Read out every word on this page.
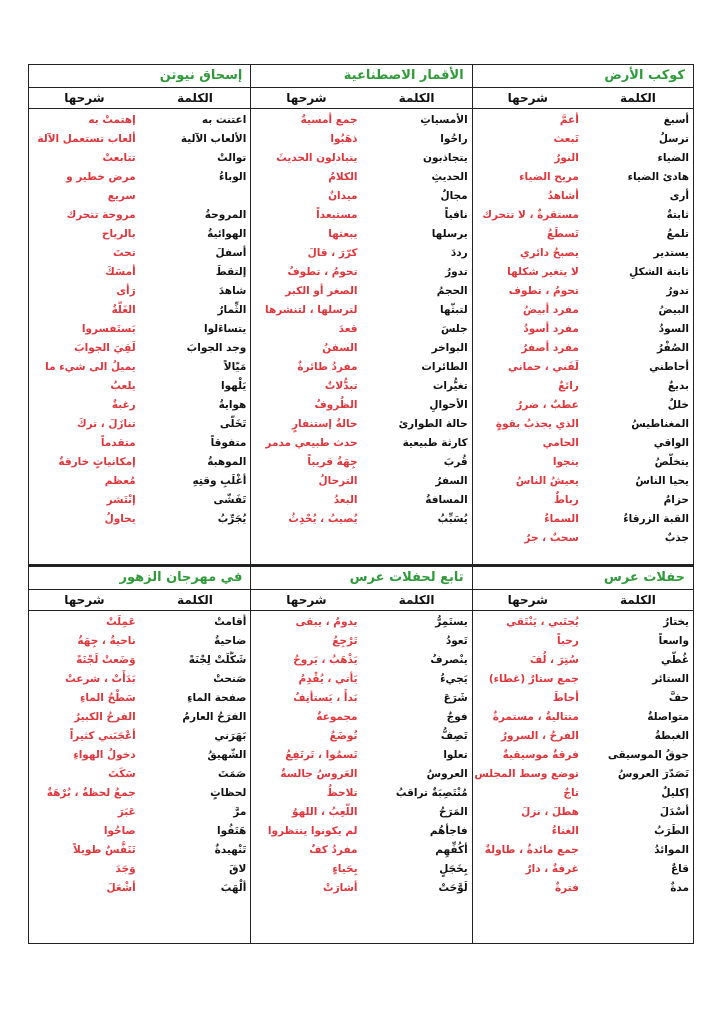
كوكب الأرض
الكلمة
شرحها
أسبغ
أعمَّ
ترسلُ
تَبعث
الضياء
النورُ
هادئ الضياء
مريح الضياء
أرى
أشاهدُ
ثابتةٌ
مستقرةٌ ، لا تتحرك
تلمعُ
تَسطَعُ
يستدير
يصبحُ دائري
ثابتة الشكلِ
لا يتغير شكلها
تدورُ
تحومُ ، تطوف
البيضُ
مفرد أبيضُ
السودُ
مفرد أسودُ
الصُفْرُ
مفرد أصفرُ
أحاطني
لَفَني ، حماني
بديعٌ
رائعٌ
خللٌ
عطبٌ ، ضررٌ
المغناطيسُ
الذي يجذبُ بقوةٍ
الواقي
الحامي
يتخلَّصُ
ينجوا
يحيا الناسُ
يعيشُ الناسُ
حزامٌ
رباطٌ
القبة الزرقاءُ
السماءُ
جذبٌ
سحبٌ ، جرٌ
الأقمار الاصطناعية
الكلمة
شرحها
الأمسياتِ
جمع أمسيةٌ
راحُوا
ذهَبُوا
يتجاذبون
يتبادلون الحديثَ
الحديثِ
الكلامُ
مجالٌ
ميدانٌ
نافياً
مستبعداً
يرسلها
يبعثها
رددَ
كرّرَ ، قالَ
تدورُ
تحومُ ، تطوفُ
الحجمُ
الصغر أو الكبر
لتبثّها
لترسلها ، لتنشرها
جلسَ
قعدَ
البواخر
السفنُ
الطائرات
مفردُ طائرةٌ
تغيُّرات
تبدُّلاتٌ
الأحوالِ
الظُروفُ
حالة الطوارئ
حالةُ إستنفارٍ
كارثة طبيعية
حدث طبيعي مدمر
قُربَ
جِهَةُ قريباً
السفرُ
الترحالُ
المسافةُ
البعدُ
يُسَبِّبُ
يُصيبُ ، يُحْدِثُ
إسحاق نيوتن
الكلمة
شرحها
اعتنت به
إهتمتْ به
الألعاب الآلية
ألعاب تستعمل الآلة
توالتْ
تتابعتْ
الوباءُ
مرض خطير و
سريع
المروحةُ
مروحة تتحرك
الهوائيةُ
بالرياح
أسفلَ
تحتَ
إلتقطَ
أمسَكَ
شاهدَ
رَأى
الثِّمارُ
الغَلَّةُ
يتساءَلوا
يَستَفسروا
وجد الجوابَ
لَقِيَ الجوابَ
مَيّالاً
يميلُ الى شيء ما
يَلْهوا
يلعبُ
هوايةُ
رغبةٌ
تَخَلّى
تنازَلَ ، تركَ
متفوقاً
متقدماً
الموهبةُ
إمكانياتٍ خارقةٌ
أغْلَبِ وقتِهِ
مُعظم
تَفَشّى
إنْتَشر
يُجَرِّبُ
يحاولُ
حفلات عرس
الكلمة
شرحها
يختارُ
يُجتَبي ، يَنْتَقي
واسعاً
رحباً
غُطّي
سُتِرَ ، لُفَ
الستائر
جمع ستارٌ (غطاء)
حفَّ
أحاطَ
متواصلةٌ
متتاليةٌ ، مستمرةٌ
الغبطةُ
الفرحُ ، السرورُ
جوقُ الموسيقى
فرقةٌ موسيقيةٌ
تَصَدّرَ العروسُ
توضع وسط المجلس
إكليلٌ
تاجٌ
أسْدَلَ
هطلَ ، نزلَ
الطَرَبُ
الغناءُ
الموائدُ
جمع مائدةٌ ، طاولةٌ
قاعٌ
غرفةٌ ، دارٌ
مدةٌ
فترةٌ
تابع لحفلات عرس
الكلمة
شرحها
يستَمِرُّ
يدومُ ، يبقى
تَعودُ
تَرْجِعُ
ينْصرفُ
يَذْهَبُ ، يَروحُ
يَجيءُ
يَأتي ، يُقْدِمُ
شَرَعَ
بَدأَ ، يَستأنِفُ
فوجٌ
مجموعةٌ
تَصِفُّ
تُوضَعُ
تعلوا
تَسمُوا ، تَرتَفِعُ
العروسُ
العَروسُ جالسةٌ
مُنْتَصِبَةٌ تراقبُ
تلاحظُ
المَرَحُ
اللَّعِبُ ، اللهوُ
فاجأهُم
لم يكونوا ينتظروا
أكُفِّهِم
مفردُ كفٌ
بِخَجَلٍ
بِحَياءٍ
لَوَّحَتْ
أشارَتْ
في مهرجان الزهور
الكلمة
شرحها
أقامتْ
عَمِلَتْ
ضاحيةُ
ناحيةُ ، جِهَةُ
شَكَّلَتْ لِجْنَةً
وَضَعتْ لَجْنَةً
صَنحتْ
بَدَأَتْ ، شرعتْ
صفحة الماءِ
سَطْحُ الماءِ
الفرَحُ العارمُ
الفرحُ الكبيرُ
بَهَرَني
أعْجَبَني كثيراً
الشّهيقُ
دخولُ الهواءِ
صَمَتَ
سَكَتَ
لحظاتٍ
جمعُ لحظةٌ ، بُرْهَةٌ
مرَّ
عَبَرَ
هَتَفُوا
صاحُوا
تَنْهيدةٌ
تَنَفُّسٌ طويلاً
لاقَ
وَجَدَ
ألْهَبَ
أشْعَلَ
